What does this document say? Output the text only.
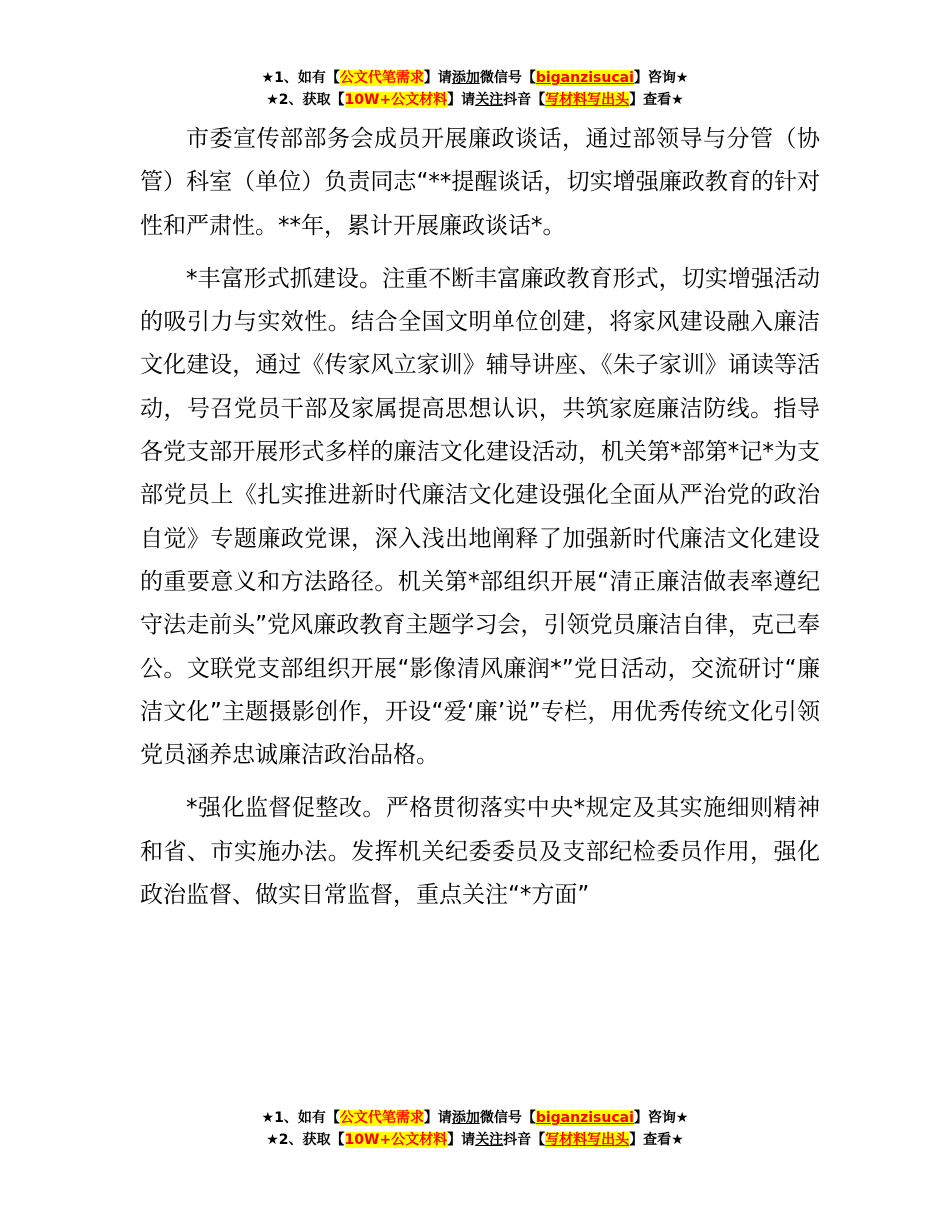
★1、如有【公文代笔需求】请添加微信号【biganzisucai】咨询★
★2、获取【10W+公文材料】请关注抖音【写材料写出头】查看★

市委宣传部部务会成员开展廉政谈话，通过部领导与分管（协管）科室（单位）负责同志“**提醒谈话，切实增强廉政教育的针对性和严肃性。**年，累计开展廉政谈话*。

*丰富形式抓建设。注重不断丰富廉政教育形式，切实增强活动的吸引力与实效性。结合全国文明单位创建，将家风建设融入廉洁文化建设，通过《传家风立家训》辅导讲座、《朱子家训》诵读等活动，号召党员干部及家属提高思想认识，共筑家庭廉洁防线。指导各党支部开展形式多样的廉洁文化建设活动，机关第*部第*记*为支部党员上《扎实推进新时代廉洁文化建设强化全面从严治党的政治自觉》专题廉政党课，深入浅出地阐释了加强新时代廉洁文化建设的重要意义和方法路径。机关第*部组织开展“清正廉洁做表率遵纪守法走前头”党风廉政教育主题学习会，引领党员廉洁自律，克己奉公。文联党支部组织开展“影像清风廉润*”党日活动，交流研讨“廉洁文化”主题摄影创作，开设“爱‘廉’说”专栏，用优秀传统文化引领党员涵养忠诚廉洁政治品格。

*强化监督促整改。严格贯彻落实中央*规定及其实施细则精神和省、市实施办法。发挥机关纪委委员及支部纪检委员作用，强化政治监督、做实日常监督，重点关注“*方面”

★1、如有【公文代笔需求】请添加微信号【biganzisucai】咨询★
★2、获取【10W+公文材料】请关注抖音【写材料写出头】查看★
